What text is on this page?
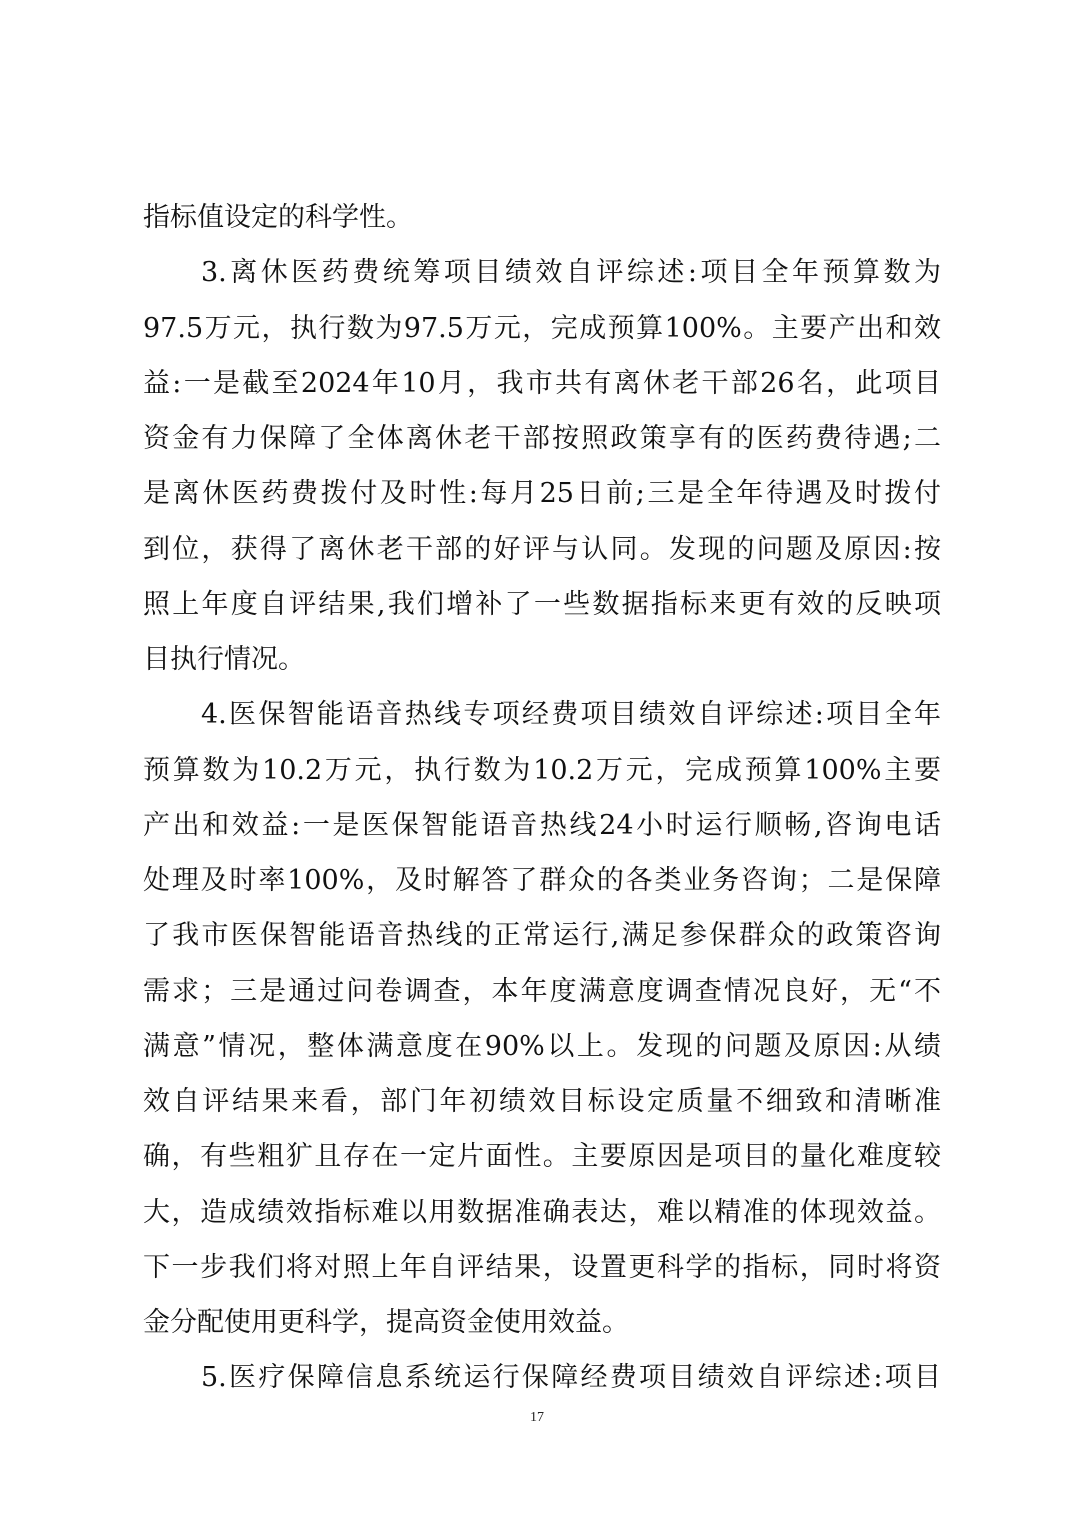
指标值设定的科学性。
3.离休医药费统筹项目绩效自评综述:项目全年预算数为
97.5万元，执行数为97.5万元，完成预算100%。主要产出和效
益:一是截至2024年10月，我市共有离休老干部26名，此项目
资金有力保障了全体离休老干部按照政策享有的医药费待遇;二
是离休医药费拨付及时性:每月25日前;三是全年待遇及时拨付
到位，获得了离休老干部的好评与认同。发现的问题及原因:按
照上年度自评结果,我们增补了一些数据指标来更有效的反映项
目执行情况。
4.医保智能语音热线专项经费项目绩效自评综述:项目全年
预算数为10.2万元，执行数为10.2万元，完成预算100%主要
产出和效益:一是医保智能语音热线24小时运行顺畅,咨询电话
处理及时率100%，及时解答了群众的各类业务咨询；二是保障
了我市医保智能语音热线的正常运行,满足参保群众的政策咨询
需求；三是通过问卷调查，本年度满意度调查情况良好，无“不
满意”情况，整体满意度在90%以上。发现的问题及原因:从绩
效自评结果来看，部门年初绩效目标设定质量不细致和清晰准
确，有些粗犷且存在一定片面性。主要原因是项目的量化难度较
大，造成绩效指标难以用数据准确表达，难以精准的体现效益。
下一步我们将对照上年自评结果，设置更科学的指标，同时将资
金分配使用更科学，提高资金使用效益。
5.医疗保障信息系统运行保障经费项目绩效自评综述:项目
17
